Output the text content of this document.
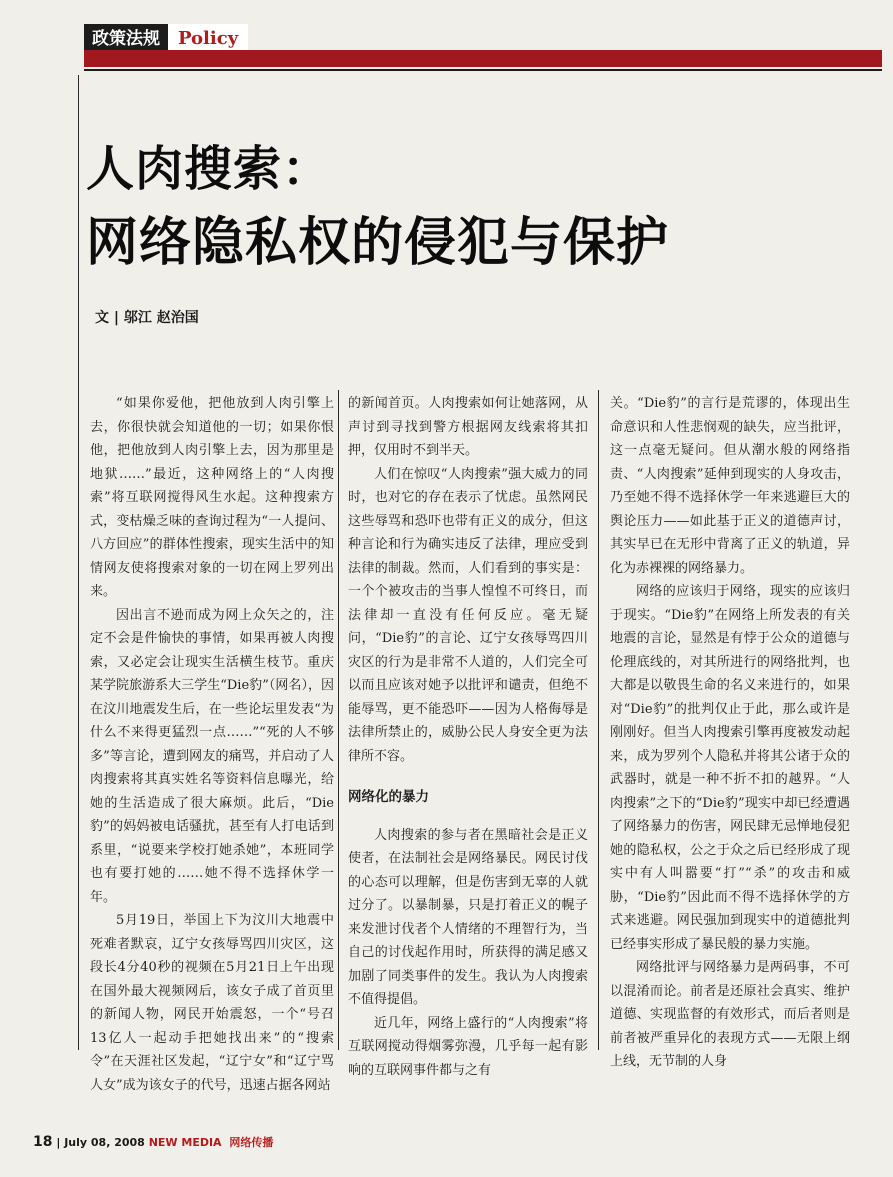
政策法规	Policy
人肉搜索：
网络隐私权的侵犯与保护
文 | 邬江 赵治国

“如果你爱他，把他放到人肉引擎上去，你很快就会知道他的一切；如果你恨他，把他放到人肉引擎上去，因为那里是地狱……”最近，这种网络上的“人肉搜索”将互联网搅得风生水起。这种搜索方式，变枯燥乏味的查询过程为“一人提问、八方回应”的群体性搜索，现实生活中的知情网友使将搜索对象的一切在网上罗列出来。

因出言不逊而成为网上众矢之的，注定不会是件愉快的事情，如果再被人肉搜索，又必定会让现实生活横生枝节。重庆某学院旅游系大三学生“Die豹”（网名），因在汶川地震发生后，在一些论坛里发表“为什么不来得更猛烈一点……”“死的人不够多”等言论，遭到网友的痛骂，并启动了人肉搜索将其真实姓名等资料信息曝光，给她的生活造成了很大麻烦。此后，“Die豹”的妈妈被电话骚扰，甚至有人打电话到系里，“说要来学校打她杀她”，本班同学也有要打她的……她不得不选择休学一年。

5月19日，举国上下为汶川大地震中死难者默哀，辽宁女孩辱骂四川灾区，这段长4分40秒的视频在5月21日上午出现在国外最大视频网后，该女子成了首页里的新闻人物，网民开始震怒，一个“号召13亿人一起动手把她找出来”的“搜索令”在天涯社区发起，“辽宁女”和“辽宁骂人女”成为该女子的代号，迅速占据各网站

的新闻首页。人肉搜索如何让她落网，从声讨到寻找到警方根据网友线索将其扣押，仅用时不到半天。

人们在惊叹“人肉搜索”强大威力的同时，也对它的存在表示了忧虑。虽然网民这些辱骂和恐吓也带有正义的成分，但这种言论和行为确实违反了法律，理应受到法律的制裁。然而，人们看到的事实是：一个个被攻击的当事人惶惶不可终日，而法律却一直没有任何反应。毫无疑问，“Die豹”的言论、辽宁女孩辱骂四川灾区的行为是非常不人道的，人们完全可以而且应该对她予以批评和谴责，但绝不能辱骂，更不能恐吓——因为人格侮辱是法律所禁止的，威胁公民人身安全更为法律所不容。

网络化的暴力

人肉搜索的参与者在黑暗社会是正义使者，在法制社会是网络暴民。网民讨伐的心态可以理解，但是伤害到无辜的人就过分了。以暴制暴，只是打着正义的幌子来发泄讨伐者个人情绪的不理智行为，当自己的讨伐起作用时，所获得的满足感又加剧了同类事件的发生。我认为人肉搜索不值得提倡。

近几年，网络上盛行的“人肉搜索”将互联网搅动得烟雾弥漫，几乎每一起有影响的互联网事件都与之有

关。“Die豹”的言行是荒谬的，体现出生命意识和人性悲悯观的缺失，应当批评，这一点毫无疑问。但从潮水般的网络指责、“人肉搜索”延伸到现实的人身攻击，乃至她不得不选择休学一年来逃避巨大的舆论压力——如此基于正义的道德声讨，其实早已在无形中背离了正义的轨道，异化为赤裸裸的网络暴力。

网络的应该归于网络，现实的应该归于现实。“Die豹”在网络上所发表的有关地震的言论，显然是有悖于公众的道德与伦理底线的，对其所进行的网络批判，也大都是以敬畏生命的名义来进行的，如果对“Die豹”的批判仅止于此，那么或许是刚刚好。但当人肉搜索引擎再度被发动起来，成为罗列个人隐私并将其公诸于众的武器时，就是一种不折不扣的越界。“人肉搜索”之下的“Die豹”现实中却已经遭遇了网络暴力的伤害，网民肆无忌惮地侵犯她的隐私权，公之于众之后已经形成了现实中有人叫嚣要“打”“杀”的攻击和威胁，“Die豹”因此而不得不选择休学的方式来逃避。网民强加到现实中的道德批判已经事实形成了暴民般的暴力实施。

网络批评与网络暴力是两码事，不可以混淆而论。前者是还原社会真实、维护道德、实现监督的有效形式，而后者则是前者被严重异化的表现方式——无限上纲上线，无节制的人身

18 | July 08, 2008 NEW MEDIA 网络传播
